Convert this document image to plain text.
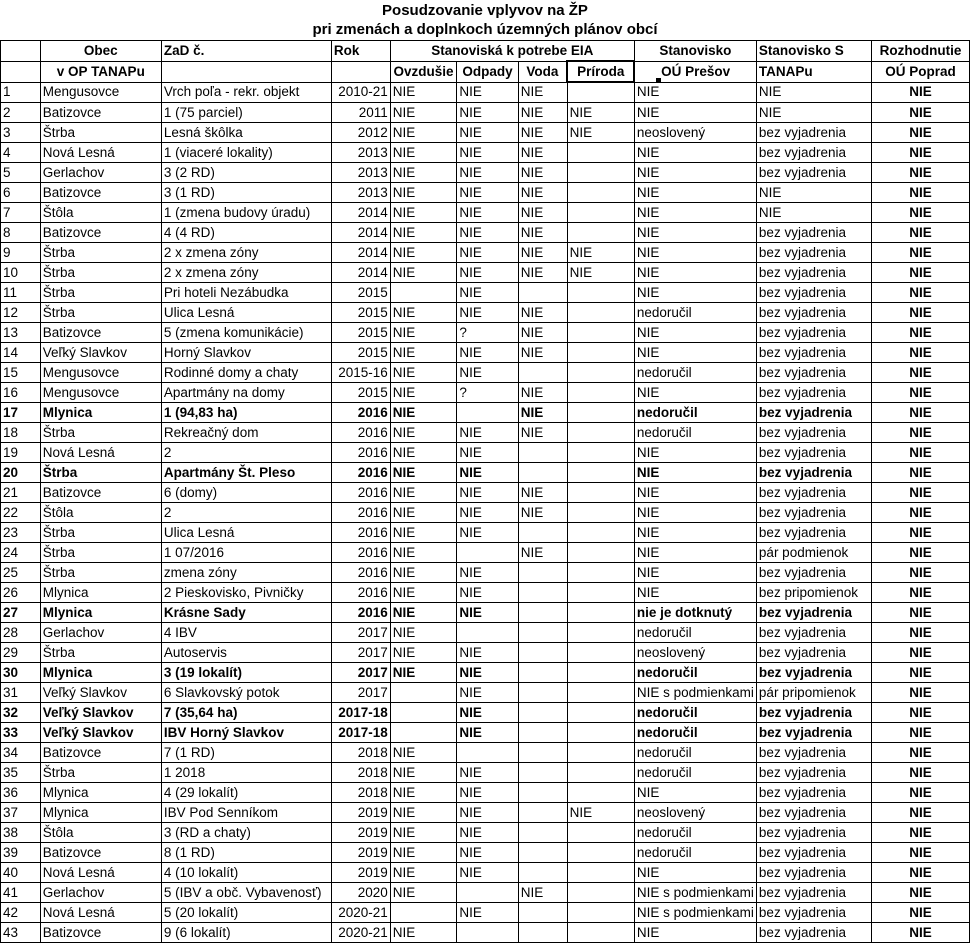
Posudzovanie vplyvov na ŽP
pri zmenách a doplnkoch územných plánov obcí
	Obec	ZaD č.	Rok	Stanoviská k potrebe EIA				Stanovisko	Stanovisko S	Rozhodnutie
	v OP TANAPu			Ovzdušie	Odpady	Voda	Príroda	OÚ Prešov	TANAPu	OÚ Poprad
1	Mengusovce	Vrch poľa - rekr. objekt	2010-21	NIE	NIE	NIE		NIE	NIE	NIE
2	Batizovce	1 (75 parciel)	2011	NIE	NIE	NIE	NIE	NIE	NIE	NIE
3	Štrba	Lesná škôlka	2012	NIE	NIE	NIE	NIE	neoslovený	bez vyjadrenia	NIE
4	Nová Lesná	1 (viaceré lokality)	2013	NIE	NIE	NIE		NIE	bez vyjadrenia	NIE
5	Gerlachov	3 (2 RD)	2013	NIE	NIE	NIE		NIE	bez vyjadrenia	NIE
6	Batizovce	3 (1 RD)	2013	NIE	NIE	NIE		NIE	NIE	NIE
7	Štôla	1 (zmena budovy úradu)	2014	NIE	NIE	NIE		NIE	NIE	NIE
8	Batizovce	4 (4 RD)	2014	NIE	NIE	NIE		NIE	bez vyjadrenia	NIE
9	Štrba	2 x zmena zóny	2014	NIE	NIE	NIE	NIE	NIE	bez vyjadrenia	NIE
10	Štrba	2 x zmena zóny	2014	NIE	NIE	NIE	NIE	NIE	bez vyjadrenia	NIE
11	Štrba	Pri hoteli Nezábudka	2015		NIE			NIE	bez vyjadrenia	NIE
12	Štrba	Ulica Lesná	2015	NIE	NIE	NIE		nedoručil	bez vyjadrenia	NIE
13	Batizovce	5 (zmena komunikácie)	2015	NIE	?	NIE		NIE	bez vyjadrenia	NIE
14	Veľký Slavkov	Horný Slavkov	2015	NIE	NIE	NIE		NIE	bez vyjadrenia	NIE
15	Mengusovce	Rodinné domy a chaty	2015-16	NIE	NIE			nedoručil	bez vyjadrenia	NIE
16	Mengusovce	Apartmány na domy	2015	NIE	?	NIE		NIE	bez vyjadrenia	NIE
17	Mlynica	1 (94,83 ha)	2016	NIE		NIE		nedoručil	bez vyjadrenia	NIE
18	Štrba	Rekreačný dom	2016	NIE	NIE	NIE		nedoručil	bez vyjadrenia	NIE
19	Nová Lesná	2	2016	NIE	NIE			NIE	bez vyjadrenia	NIE
20	Štrba	Apartmány Št. Pleso	2016	NIE	NIE			NIE	bez vyjadrenia	NIE
21	Batizovce	6 (domy)	2016	NIE	NIE	NIE		NIE	bez vyjadrenia	NIE
22	Štôla	2	2016	NIE	NIE	NIE		NIE	bez vyjadrenia	NIE
23	Štrba	Ulica Lesná	2016	NIE	NIE			NIE	bez vyjadrenia	NIE
24	Štrba	1 07/2016	2016	NIE		NIE		NIE	pár podmienok	NIE
25	Štrba	zmena zóny	2016	NIE	NIE			NIE	bez vyjadrenia	NIE
26	Mlynica	2 Pieskovisko, Pivničky	2016	NIE	NIE			NIE	bez pripomienok	NIE
27	Mlynica	Krásne Sady	2016	NIE	NIE			nie je dotknutý	bez vyjadrenia	NIE
28	Gerlachov	4 IBV	2017	NIE				nedoručil	bez vyjadrenia	NIE
29	Štrba	Autoservis	2017	NIE	NIE			neoslovený	bez vyjadrenia	NIE
30	Mlynica	3 (19 lokalít)	2017	NIE	NIE			nedoručil	bez vyjadrenia	NIE
31	Veľký Slavkov	6 Slavkovský potok	2017		NIE			NIE s podmienkami	pár pripomienok	NIE
32	Veľký Slavkov	7 (35,64 ha)	2017-18		NIE			nedoručil	bez vyjadrenia	NIE
33	Veľký Slavkov	IBV Horný Slavkov	2017-18		NIE			nedoručil	bez vyjadrenia	NIE
34	Batizovce	7 (1 RD)	2018	NIE				nedoručil	bez vyjadrenia	NIE
35	Štrba	1 2018	2018	NIE	NIE			nedoručil	bez vyjadrenia	NIE
36	Mlynica	4 (29 lokalít)	2018	NIE	NIE			NIE	bez vyjadrenia	NIE
37	Mlynica	IBV Pod Senníkom	2019	NIE	NIE		NIE	neoslovený	bez vyjadrenia	NIE
38	Štôla	3 (RD a chaty)	2019	NIE	NIE			nedoručil	bez vyjadrenia	NIE
39	Batizovce	8 (1 RD)	2019	NIE	NIE			nedoručil	bez vyjadrenia	NIE
40	Nová Lesná	4 (10 lokalít)	2019	NIE	NIE			NIE	bez vyjadrenia	NIE
41	Gerlachov	5 (IBV a obč. Vybavenosť)	2020	NIE		NIE		NIE s podmienkami	bez vyjadrenia	NIE
42	Nová Lesná	5 (20 lokalít)	2020-21		NIE			NIE s podmienkami	bez vyjadrenia	NIE
43	Batizovce	9 (6 lokalít)	2020-21	NIE				NIE	bez vyjadrenia	NIE
